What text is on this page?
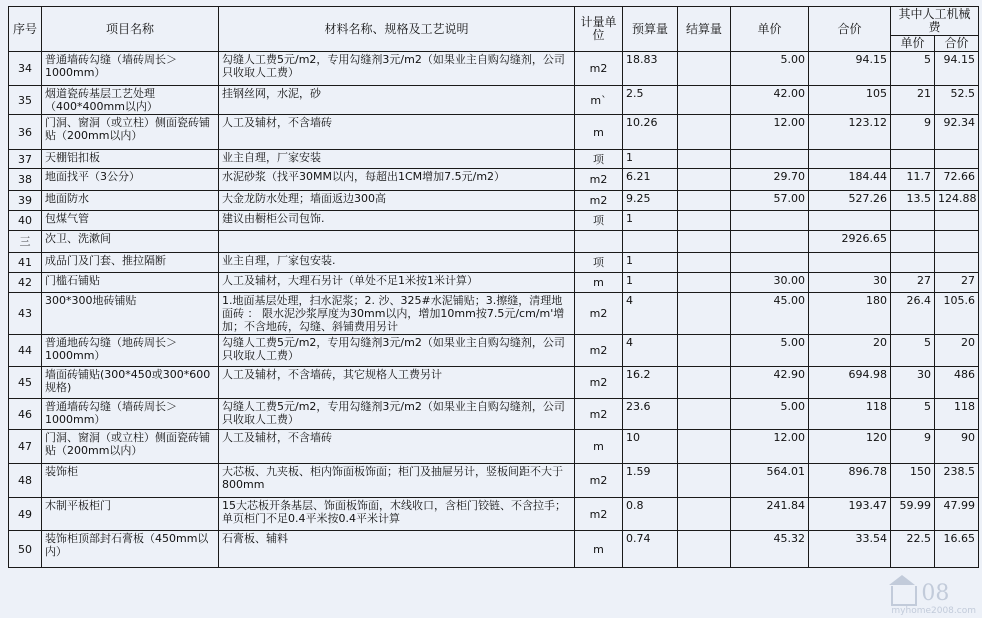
序号	项目名称	材料名称、规格及工艺说明	计量单位	预算量	结算量	单价	合价	其中人工机械费	
								单价	合价
34	普通墙砖勾缝（墙砖周长＞1000mm）	勾缝人工费5元/m2，专用勾缝剂3元/m2（如果业主自购勾缝剂，公司只收取人工费）	m2	18.83		5.00	94.15	5	94.15
35	烟道瓷砖基层工艺处理（400*400mm以内）	挂钢丝网，水泥，砂	m`	2.5		42.00	105	21	52.5
36	门洞、窗洞（或立柱）侧面瓷砖铺贴（200mm以内）	人工及辅材，不含墙砖	m	10.26		12.00	123.12	9	92.34
37	天棚铝扣板	业主自理，厂家安装	项	1					
38	地面找平（3公分）	水泥砂浆（找平30MM以内，每超出1CM增加7.5元/m2）	m2	6.21		29.70	184.44	11.7	72.66
39	地面防水	大金龙防水处理；墙面返边300高	m2	9.25		57.00	527.26	13.5	124.88
40	包煤气管	建议由橱柜公司包饰.	项	1					
三	次卫、洗漱间						2926.65		
41	成品门及门套、推拉隔断	业主自理，厂家包安装.	项	1					
42	门槛石铺贴	人工及辅材，大理石另计（单处不足1米按1米计算）	m	1		30.00	30	27	27
43	300*300地砖铺贴	1.地面基层处理，扫水泥浆；2. 沙、325#水泥铺贴；3.擦缝，清理地面砖 ： 限水泥沙浆厚度为30mm以内，增加10mm按7.5元/cm/m'增加；不含地砖，勾缝、斜铺费用另计	m2	4		45.00	180	26.4	105.6
44	普通地砖勾缝（地砖周长＞1000mm）	勾缝人工费5元/m2，专用勾缝剂3元/m2（如果业主自购勾缝剂，公司只收取人工费）	m2	4		5.00	20	5	20
45	墙面砖铺贴(300*450或300*600规格)	人工及辅材，不含墙砖，其它规格人工费另计	m2	16.2		42.90	694.98	30	486
46	普通墙砖勾缝（墙砖周长＞1000mm）	勾缝人工费5元/m2，专用勾缝剂3元/m2（如果业主自购勾缝剂，公司只收取人工费）	m2	23.6		5.00	118	5	118
47	门洞、窗洞（或立柱）侧面瓷砖铺贴（200mm以内）	人工及辅材，不含墙砖	m	10		12.00	120	9	90
48	装饰柜	大芯板、九夹板、柜内饰面板饰面；柜门及抽屉另计，竖板间距不大于800mm	m2	1.59		564.01	896.78	150	238.5
49	木制平板柜门	15大芯板开条基层、饰面板饰面，木线收口，含柜门铰链、不含拉手；单页柜门不足0.4平米按0.4平米计算	m2	0.8		241.84	193.47	59.99	47.99
50	装饰柜顶部封石膏板（450mm以内）	石膏板、辅料	m	0.74		45.32	33.54	22.5	16.65
08
myhome2008.com
